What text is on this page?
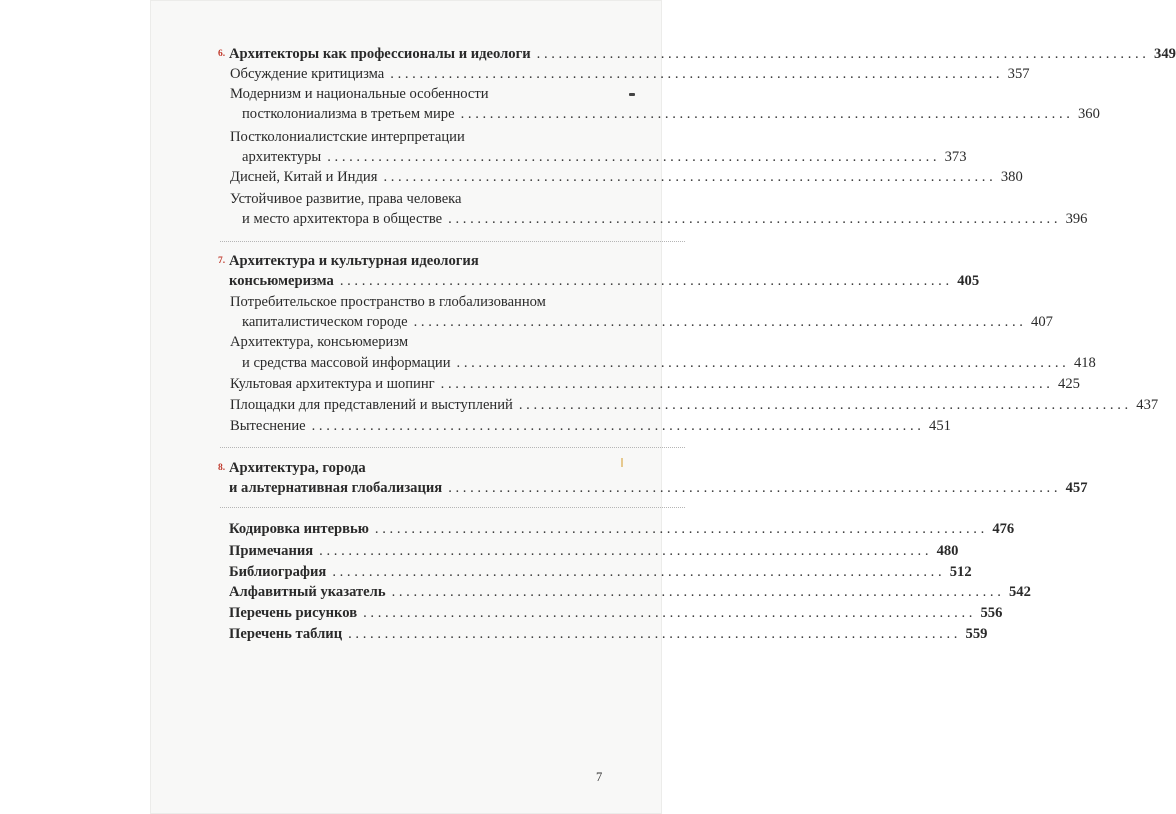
6. Архитекторы как профессионалы и идеологи . . .	349
Обсуждение критицизма . . .	357
Модернизм и национальные особенности
постколониализма в третьем мире . . .	360
Постколониалистские интерпретации
архитектуры . . .	373
Дисней, Китай и Индия . . .	380
Устойчивое развитие, права человека
и место архитектора в обществе . . .	396
7. Архитектура и культурная идеология
консьюмеризма . . .	405
Потребительское пространство в глобализованном
капиталистическом городе . . .	407
Архитектура, консьюмеризм
и средства массовой информации . . .	418
Культовая архитектура и шопинг . . .	425
Площадки для представлений и выступлений . . .	437
Вытеснение . . .	451
8. Архитектура, города
и альтернативная глобализация . . .	457
Кодировка интервью . . .	476
Примечания . . .	480
Библиография . . .	512
Алфавитный указатель . . .	542
Перечень рисунков . . .	556
Перечень таблиц . . .	559
7
